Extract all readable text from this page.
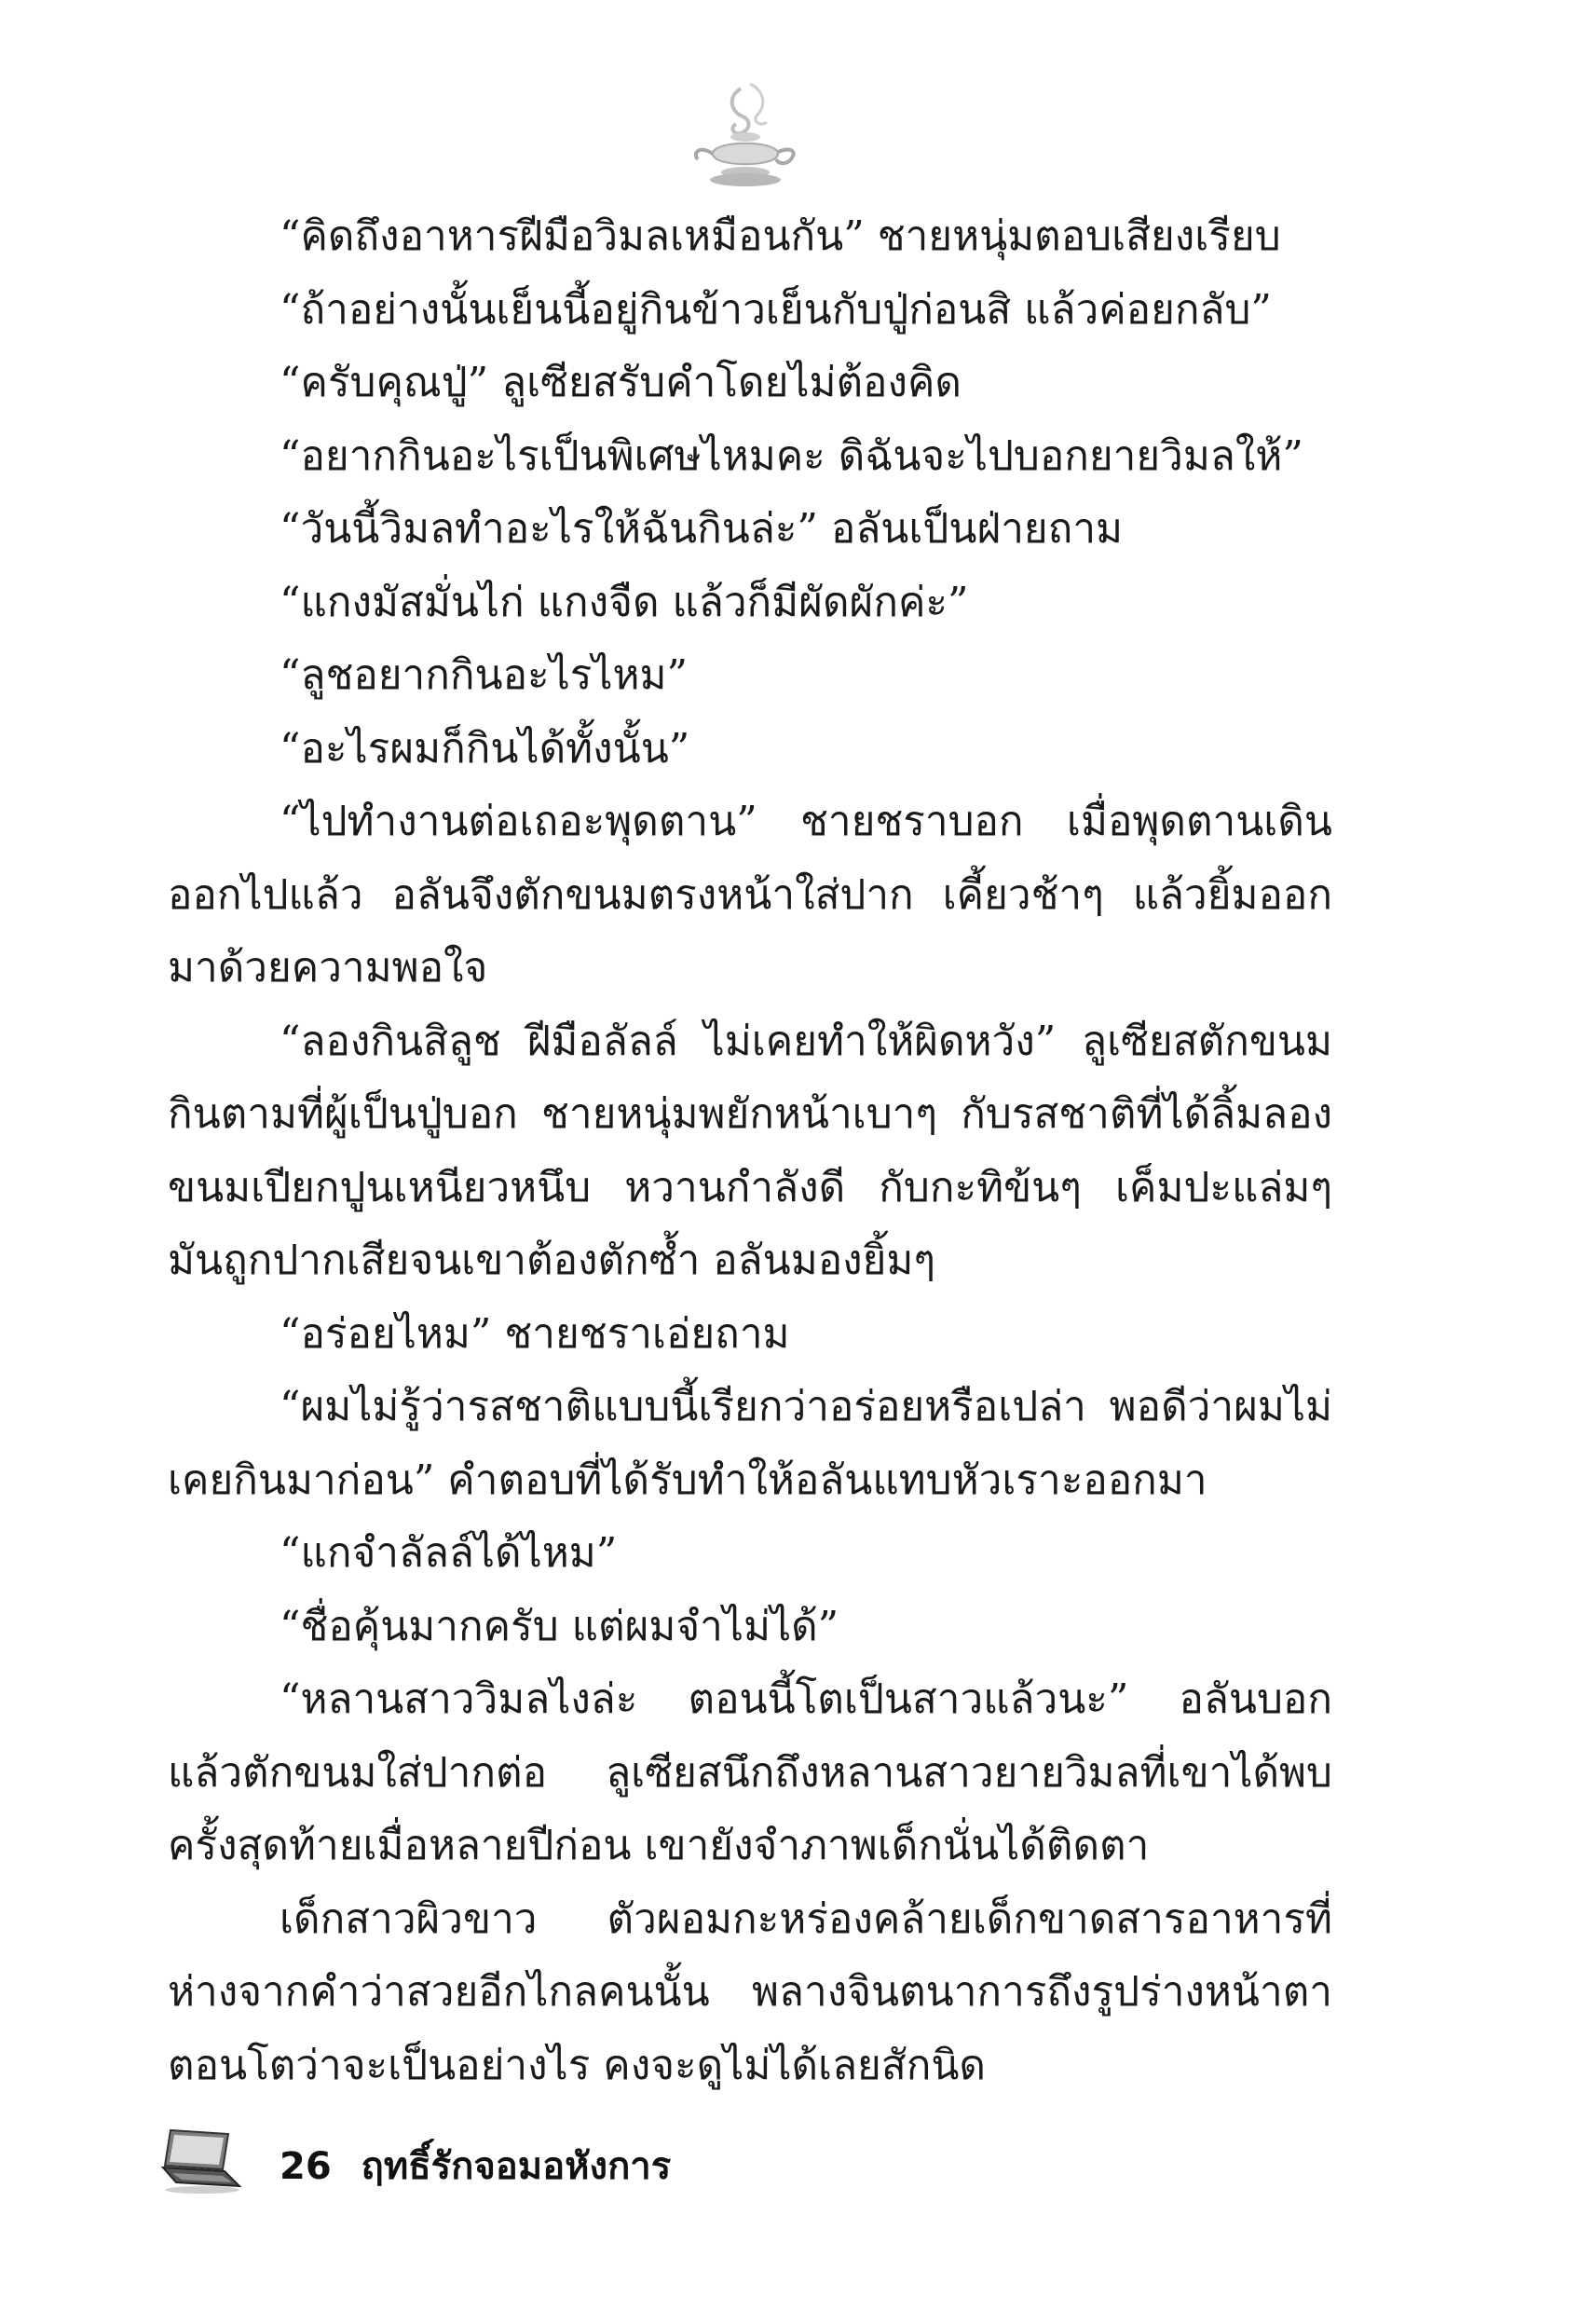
“คิดถึงอาหารฝีมือวิมลเหมือนกัน” ชายหนุ่มตอบเสียงเรียบ

“ถ้าอย่างนั้นเย็นนี้อยู่กินข้าวเย็นกับปู่ก่อนสิ แล้วค่อยกลับ”

“ครับคุณปู่” ลูเซียสรับคำโดยไม่ต้องคิด

“อยากกินอะไรเป็นพิเศษไหมคะ ดิฉันจะไปบอกยายวิมลให้”

“วันนี้วิมลทำอะไรให้ฉันกินล่ะ” อลันเป็นฝ่ายถาม

“แกงมัสมั่นไก่ แกงจืด แล้วก็มีผัดผักค่ะ”

“ลูชอยากกินอะไรไหม”

“อะไรผมก็กินได้ทั้งนั้น”

“ไปทำงานต่อเถอะพุดตาน” ชายชราบอก เมื่อพุดตานเดินออกไปแล้ว อลันจึงตักขนมตรงหน้าใส่ปาก เคี้ยวช้าๆ แล้วยิ้มออกมาด้วยความพอใจ

“ลองกินสิลูช ฝีมือลัลล์ ไม่เคยทำให้ผิดหวัง” ลูเซียสตักขนมกินตามที่ผู้เป็นปู่บอก ชายหนุ่มพยักหน้าเบาๆ กับรสชาติที่ได้ลิ้มลอง ขนมเปียกปูนเหนียวหนึบ หวานกำลังดี กับกะทิข้นๆ เค็มปะแล่มๆ มันถูกปากเสียจนเขาต้องตักซ้ำ อลันมองยิ้มๆ

“อร่อยไหม” ชายชราเอ่ยถาม

“ผมไม่รู้ว่ารสชาติแบบนี้เรียกว่าอร่อยหรือเปล่า พอดีว่าผมไม่เคยกินมาก่อน” คำตอบที่ได้รับทำให้อลันแทบหัวเราะออกมา

“แกจำลัลล์ได้ไหม”

“ชื่อคุ้นมากครับ แต่ผมจำไม่ได้”

“หลานสาววิมลไงล่ะ ตอนนี้โตเป็นสาวแล้วนะ” อลันบอก แล้วตักขนมใส่ปากต่อ ลูเซียสนึกถึงหลานสาวยายวิมลที่เขาได้พบครั้งสุดท้ายเมื่อหลายปีก่อน เขายังจำภาพเด็กนั่นได้ติดตา

เด็กสาวผิวขาว ตัวผอมกะหร่องคล้ายเด็กขาดสารอาหารที่ห่างจากคำว่าสวยอีกไกลคนนั้น พลางจินตนาการถึงรูปร่างหน้าตาตอนโตว่าจะเป็นอย่างไร คงจะดูไม่ได้เลยสักนิด

26 ฤทธิ์รักจอมอหังการ
